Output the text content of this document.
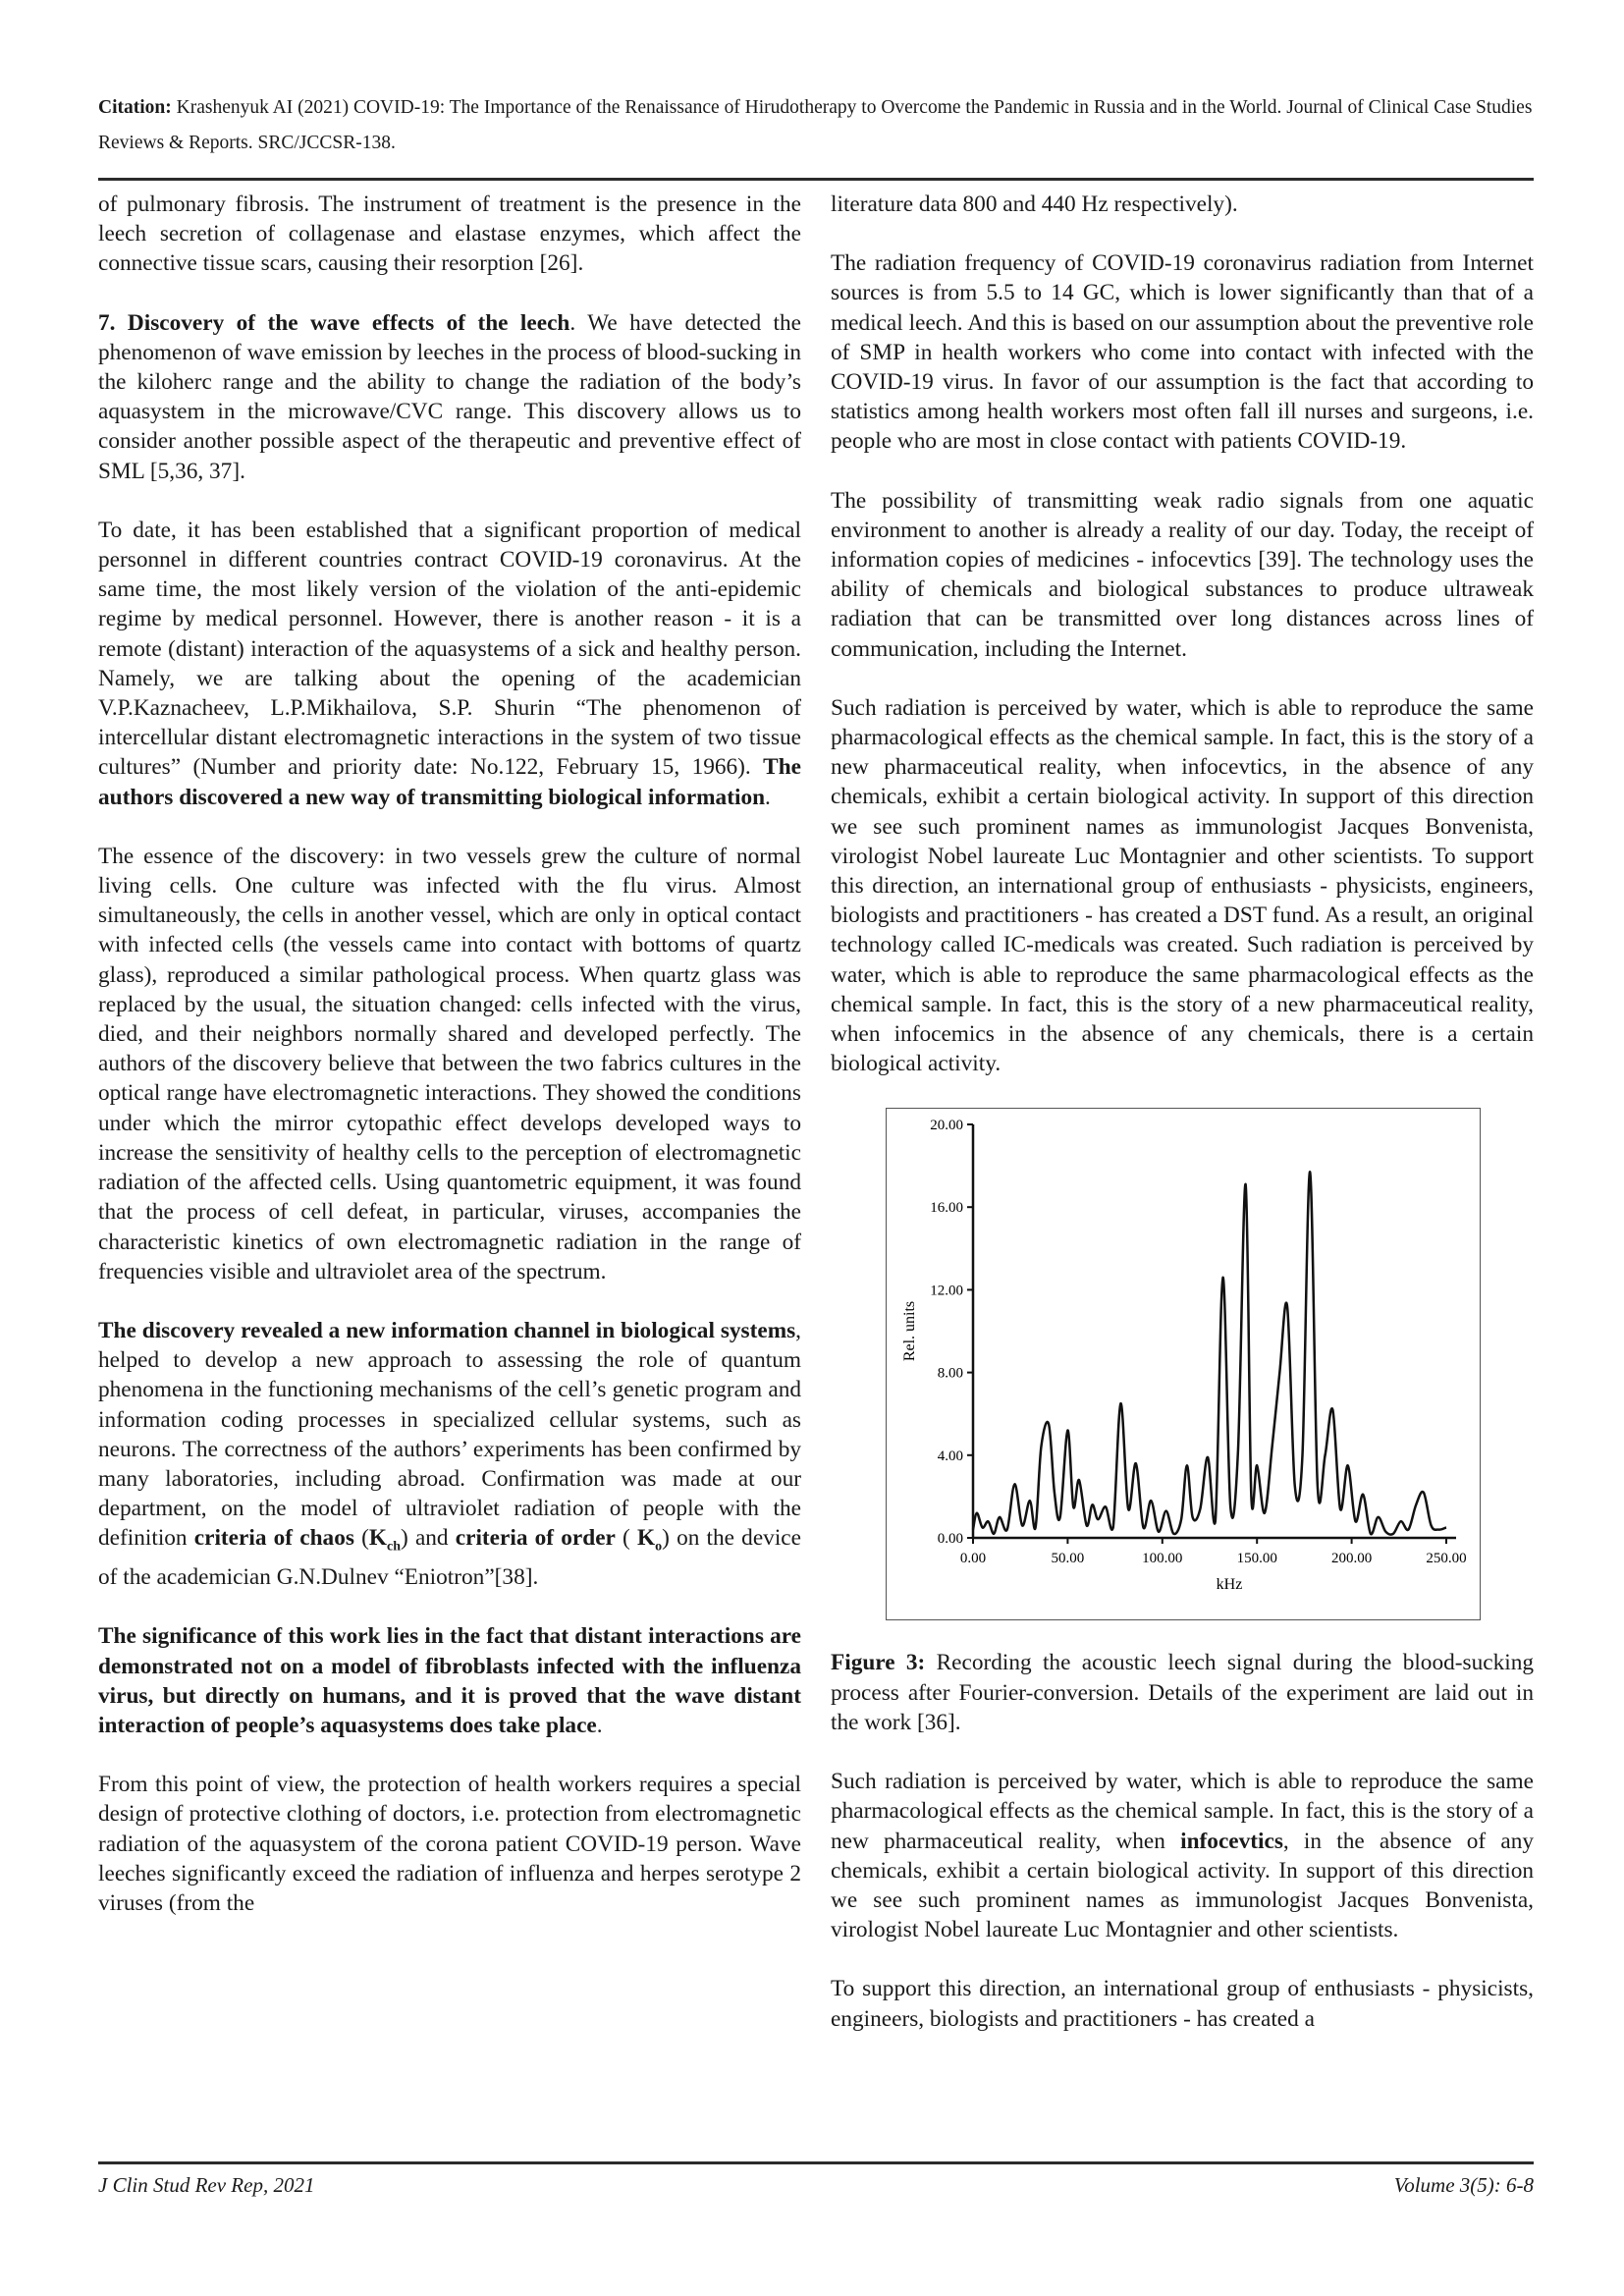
Citation: Krashenyuk AI (2021) COVID-19: The Importance of the Renaissance of Hirudotherapy to Overcome the Pandemic in Russia and in the World. Journal of Clinical Case Studies Reviews & Reports. SRC/JCCSR-138.

of pulmonary fibrosis. The instrument of treatment is the presence in the leech secretion of collagenase and elastase enzymes, which affect the connective tissue scars, causing their resorption [26].

7. Discovery of the wave effects of the leech. We have detected the phenomenon of wave emission by leeches in the process of blood-sucking in the kiloherc range and the ability to change the radiation of the body’s aquasystem in the microwave/CVC range. This discovery allows us to consider another possible aspect of the therapeutic and preventive effect of SML [5,36, 37].

To date, it has been established that a significant proportion of medical personnel in different countries contract COVID-19 coronavirus. At the same time, the most likely version of the violation of the anti-epidemic regime by medical personnel. However, there is another reason - it is a remote (distant) interaction of the aquasystems of a sick and healthy person. Namely, we are talking about the opening of the academician V.P.Kaznacheev, L.P.Mikhailova, S.P. Shurin “The phenomenon of intercellular distant electromagnetic interactions in the system of two tissue cultures” (Number and priority date: No.122, February 15, 1966). The authors discovered a new way of transmitting biological information.

The essence of the discovery: in two vessels grew the culture of normal living cells. One culture was infected with the flu virus. Almost simultaneously, the cells in another vessel, which are only in optical contact with infected cells (the vessels came into contact with bottoms of quartz glass), reproduced a similar pathological process. When quartz glass was replaced by the usual, the situation changed: cells infected with the virus, died, and their neighbors normally shared and developed perfectly. The authors of the discovery believe that between the two fabrics cultures in the optical range have electromagnetic interactions. They showed the conditions under which the mirror cytopathic effect develops developed ways to increase the sensitivity of healthy cells to the perception of electromagnetic radiation of the affected cells. Using quantometric equipment, it was found that the process of cell defeat, in particular, viruses, accompanies the characteristic kinetics of own electromagnetic radiation in the range of frequencies visible and ultraviolet area of the spectrum.

The discovery revealed a new information channel in biological systems, helped to develop a new approach to assessing the role of quantum phenomena in the functioning mechanisms of the cell’s genetic program and information coding processes in specialized cellular systems, such as neurons. The correctness of the authors’ experiments has been confirmed by many laboratories, including abroad. Confirmation was made at our department, on the model of ultraviolet radiation of people with the definition criteria of chaos $(K_{ch})$ and criteria of order ( $K_o$) on the device of the academician G.N.Dulnev “Eniotron”[38].

The significance of this work lies in the fact that distant interactions are demonstrated not on a model of fibroblasts infected with the influenza virus, but directly on humans, and it is proved that the wave distant interaction of people’s aquasystems does take place.

From this point of view, the protection of health workers requires a special design of protective clothing of doctors, i.e. protection from electromagnetic radiation of the aquasystem of the corona patient COVID-19 person. Wave leeches significantly exceed the radiation of influenza and herpes serotype 2 viruses (from the

literature data 800 and 440 Hz respectively).

The radiation frequency of COVID-19 coronavirus radiation from Internet sources is from 5.5 to 14 GC, which is lower significantly than that of a medical leech. And this is based on our assumption about the preventive role of SMP in health workers who come into contact with infected with the COVID-19 virus. In favor of our assumption is the fact that according to statistics among health workers most often fall ill nurses and surgeons, i.e. people who are most in close contact with patients COVID-19.

The possibility of transmitting weak radio signals from one aquatic environment to another is already a reality of our day. Today, the receipt of information copies of medicines - infocevtics [39]. The technology uses the ability of chemicals and biological substances to produce ultraweak radiation that can be transmitted over long distances across lines of communication, including the Internet.

Such radiation is perceived by water, which is able to reproduce the same pharmacological effects as the chemical sample. In fact, this is the story of a new pharmaceutical reality, when infocevtics, in the absence of any chemicals, exhibit a certain biological activity. In support of this direction we see such prominent names as immunologist Jacques Bonvenista, virologist Nobel laureate Luc Montagnier and other scientists. To support this direction, an international group of enthusiasts - physicists, engineers, biologists and practitioners - has created a DST fund. As a result, an original technology called IC-medicals was created. Such radiation is perceived by water, which is able to reproduce the same pharmacological effects as the chemical sample. In fact, this is the story of a new pharmaceutical reality, when infocemics in the absence of any chemicals, there is a certain biological activity.

0.00
4.00
8.00
12.00
16.00
20.00
0.00	50.00	100.00	150.00	200.00	250.00
kHz
Rel. units

Figure 3: Recording the acoustic leech signal during the blood-sucking process after Fourier-conversion. Details of the experiment are laid out in the work [36].

Such radiation is perceived by water, which is able to reproduce the same pharmacological effects as the chemical sample. In fact, this is the story of a new pharmaceutical reality, when infocevtics, in the absence of any chemicals, exhibit a certain biological activity. In support of this direction we see such prominent names as immunologist Jacques Bonvenista, virologist Nobel laureate Luc Montagnier and other scientists.

To support this direction, an international group of enthusiasts - physicists, engineers, biologists and practitioners - has created a

J Clin Stud Rev Rep, 2021	Volume 3(5): 6-8
